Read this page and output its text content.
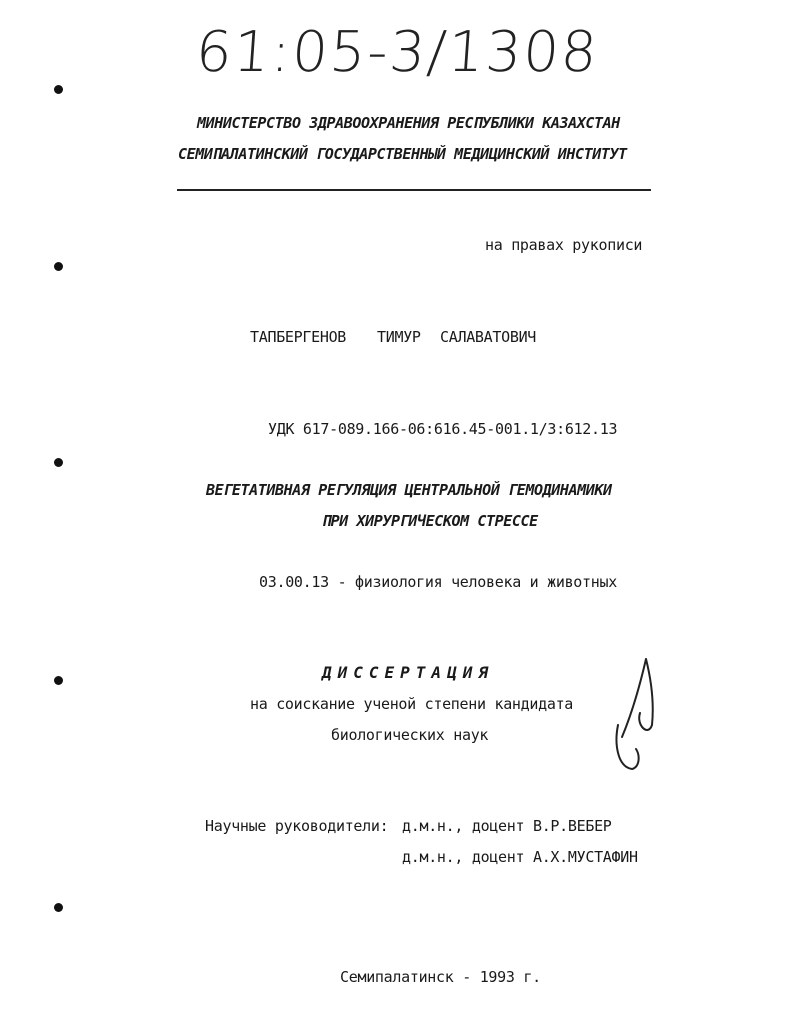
61:05-3/1308
МИНИСТЕРСТВО ЗДРАВООХРАНЕНИЯ РЕСПУБЛИКИ КАЗАХСТАН
СЕМИПАЛАТИНСКИЙ ГОСУДАРСТВЕННЫЙ МЕДИЦИНСКИЙ ИНСТИТУТ
на правах рукописи
ТАПБЕРГЕНОВ ТИМУР САЛАВАТОВИЧ
УДК 617-089.166-06:616.45-001.1/3:612.13
ВЕГЕТАТИВНАЯ РЕГУЛЯЦИЯ ЦЕНТРАЛЬНОЙ ГЕМОДИНАМИКИ
ПРИ ХИРУРГИЧЕСКОМ СТРЕССЕ
03.00.13 - физиология человека и животных
ДИССЕРТАЦИЯ
на соискание ученой степени кандидата
биологических наук
Научные руководители: д.м.н., доцент В.Р.ВЕБЕР
д.м.н., доцент А.Х.МУСТАФИН
Семипалатинск - 1993 г.
